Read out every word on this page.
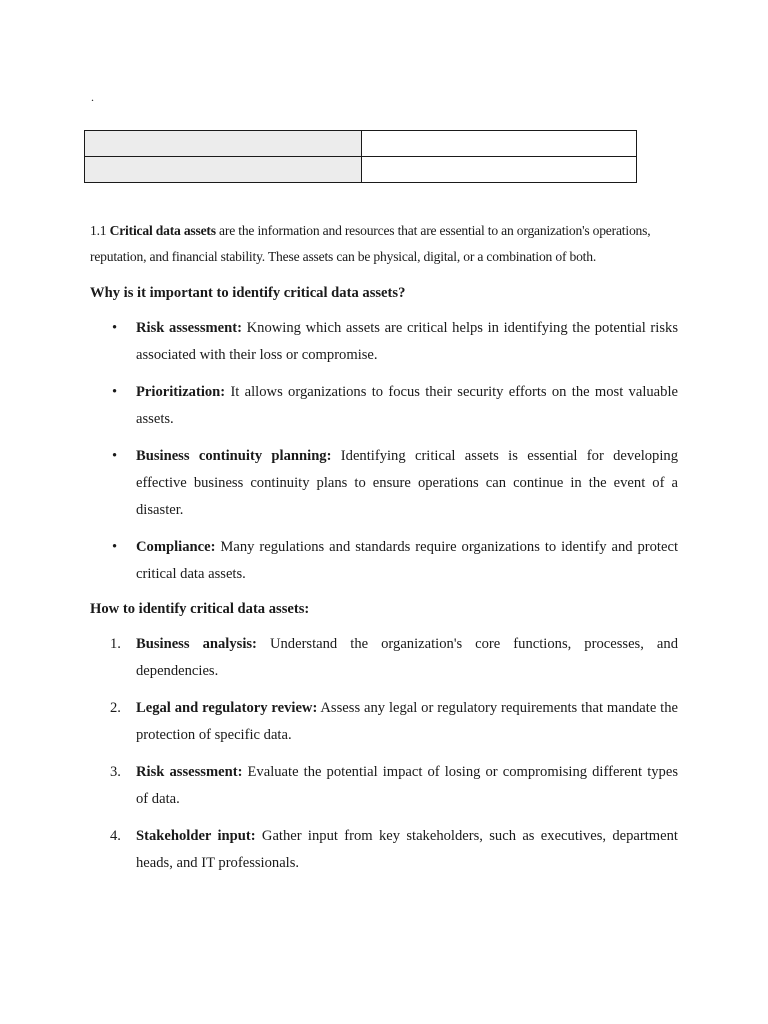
.

1.1 Critical data assets are the information and resources that are essential to an organization's operations, reputation, and financial stability. These assets can be physical, digital, or a combination of both.

Why is it important to identify critical data assets?

•	Risk assessment: Knowing which assets are critical helps in identifying the potential risks associated with their loss or compromise.
•	Prioritization: It allows organizations to focus their security efforts on the most valuable assets.
•	Business continuity planning: Identifying critical assets is essential for developing effective business continuity plans to ensure operations can continue in the event of a disaster.
•	Compliance: Many regulations and standards require organizations to identify and protect critical data assets.

How to identify critical data assets:

1.	Business analysis: Understand the organization's core functions, processes, and dependencies.
2.	Legal and regulatory review: Assess any legal or regulatory requirements that mandate the protection of specific data.
3.	Risk assessment: Evaluate the potential impact of losing or compromising different types of data.
4.	Stakeholder input: Gather input from key stakeholders, such as executives, department heads, and IT professionals.
